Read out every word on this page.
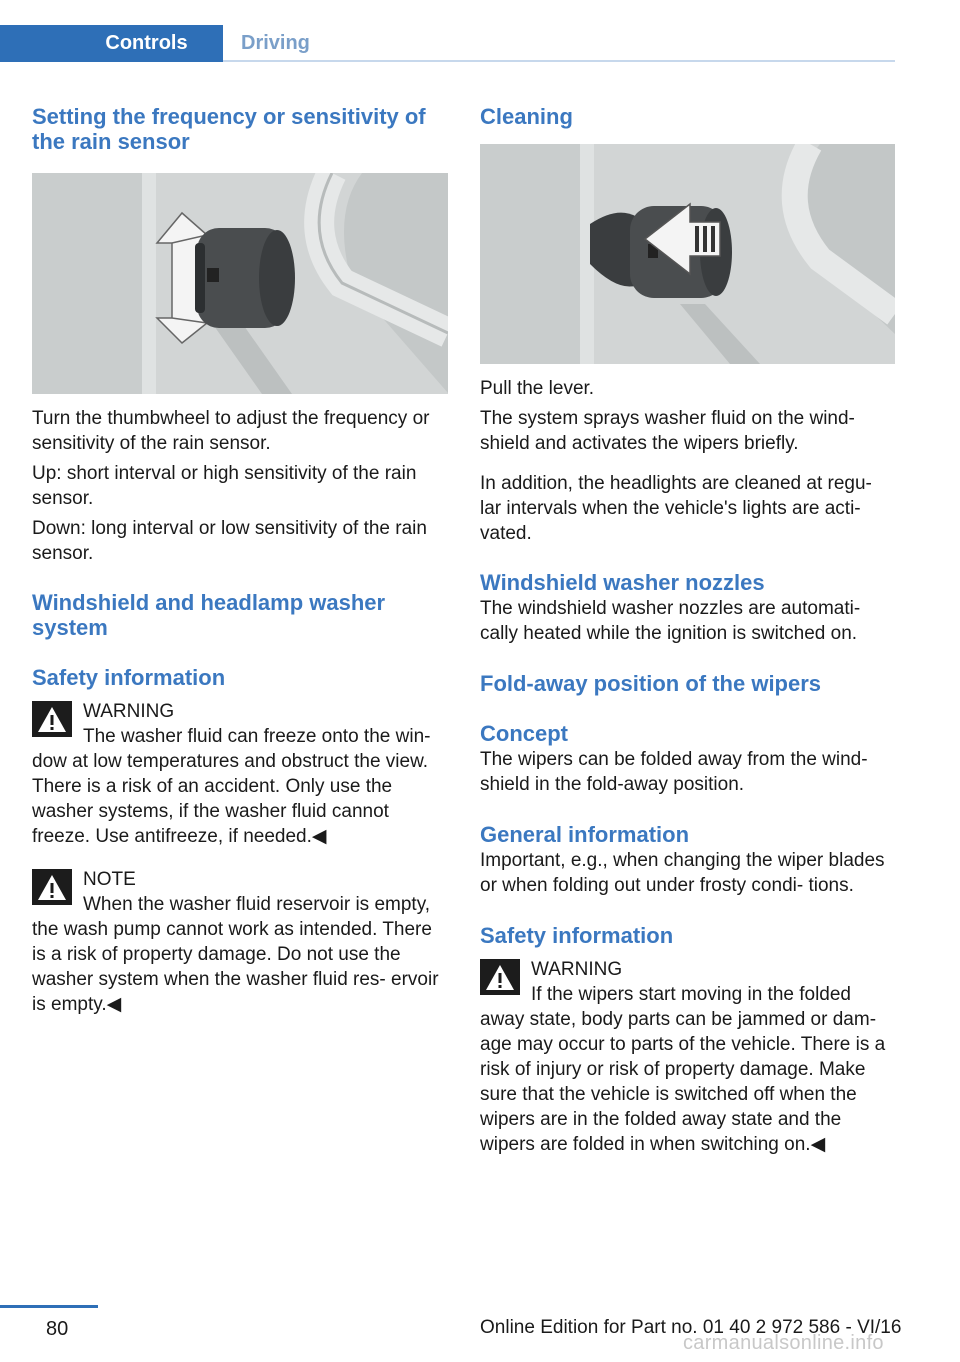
Controls	Driving
Setting the frequency or sensitivity of the rain sensor

Turn the thumbwheel to adjust the frequency or sensitivity of the rain sensor.

Up: short interval or high sensitivity of the rain sensor.

Down: long interval or low sensitivity of the rain sensor.

Windshield and headlamp washer system
Safety information
WARNING
The washer fluid can freeze onto the win‐

dow at low temperatures and obstruct the view. There is a risk of an accident. Only use the washer systems, if the washer fluid cannot freeze. Use antifreeze, if needed.◀

NOTE
When the washer fluid reservoir is empty,

the wash pump cannot work as intended. There is a risk of property damage. Do not use the washer system when the washer fluid res‐ ervoir is empty.◀

Cleaning

Pull the lever.

The system sprays washer fluid on the wind‐ shield and activates the wipers briefly.

In addition, the headlights are cleaned at regu‐ lar intervals when the vehicle's lights are acti‐ vated.

Windshield washer nozzles

The windshield washer nozzles are automati‐ cally heated while the ignition is switched on.

Fold-away position of the wipers
Concept

The wipers can be folded away from the wind‐ shield in the fold-away position.

General information

Important, e.g., when changing the wiper blades or when folding out under frosty condi‐ tions.

Safety information
WARNING
If the wipers start moving in the folded

away state, body parts can be jammed or dam‐ age may occur to parts of the vehicle. There is a risk of injury or risk of property damage. Make sure that the vehicle is switched off when the wipers are in the folded away state and the wipers are folded in when switching on.◀

80	Online Edition for Part no. 01 40 2 972 586 - VI/16
carmanualsonline.info
